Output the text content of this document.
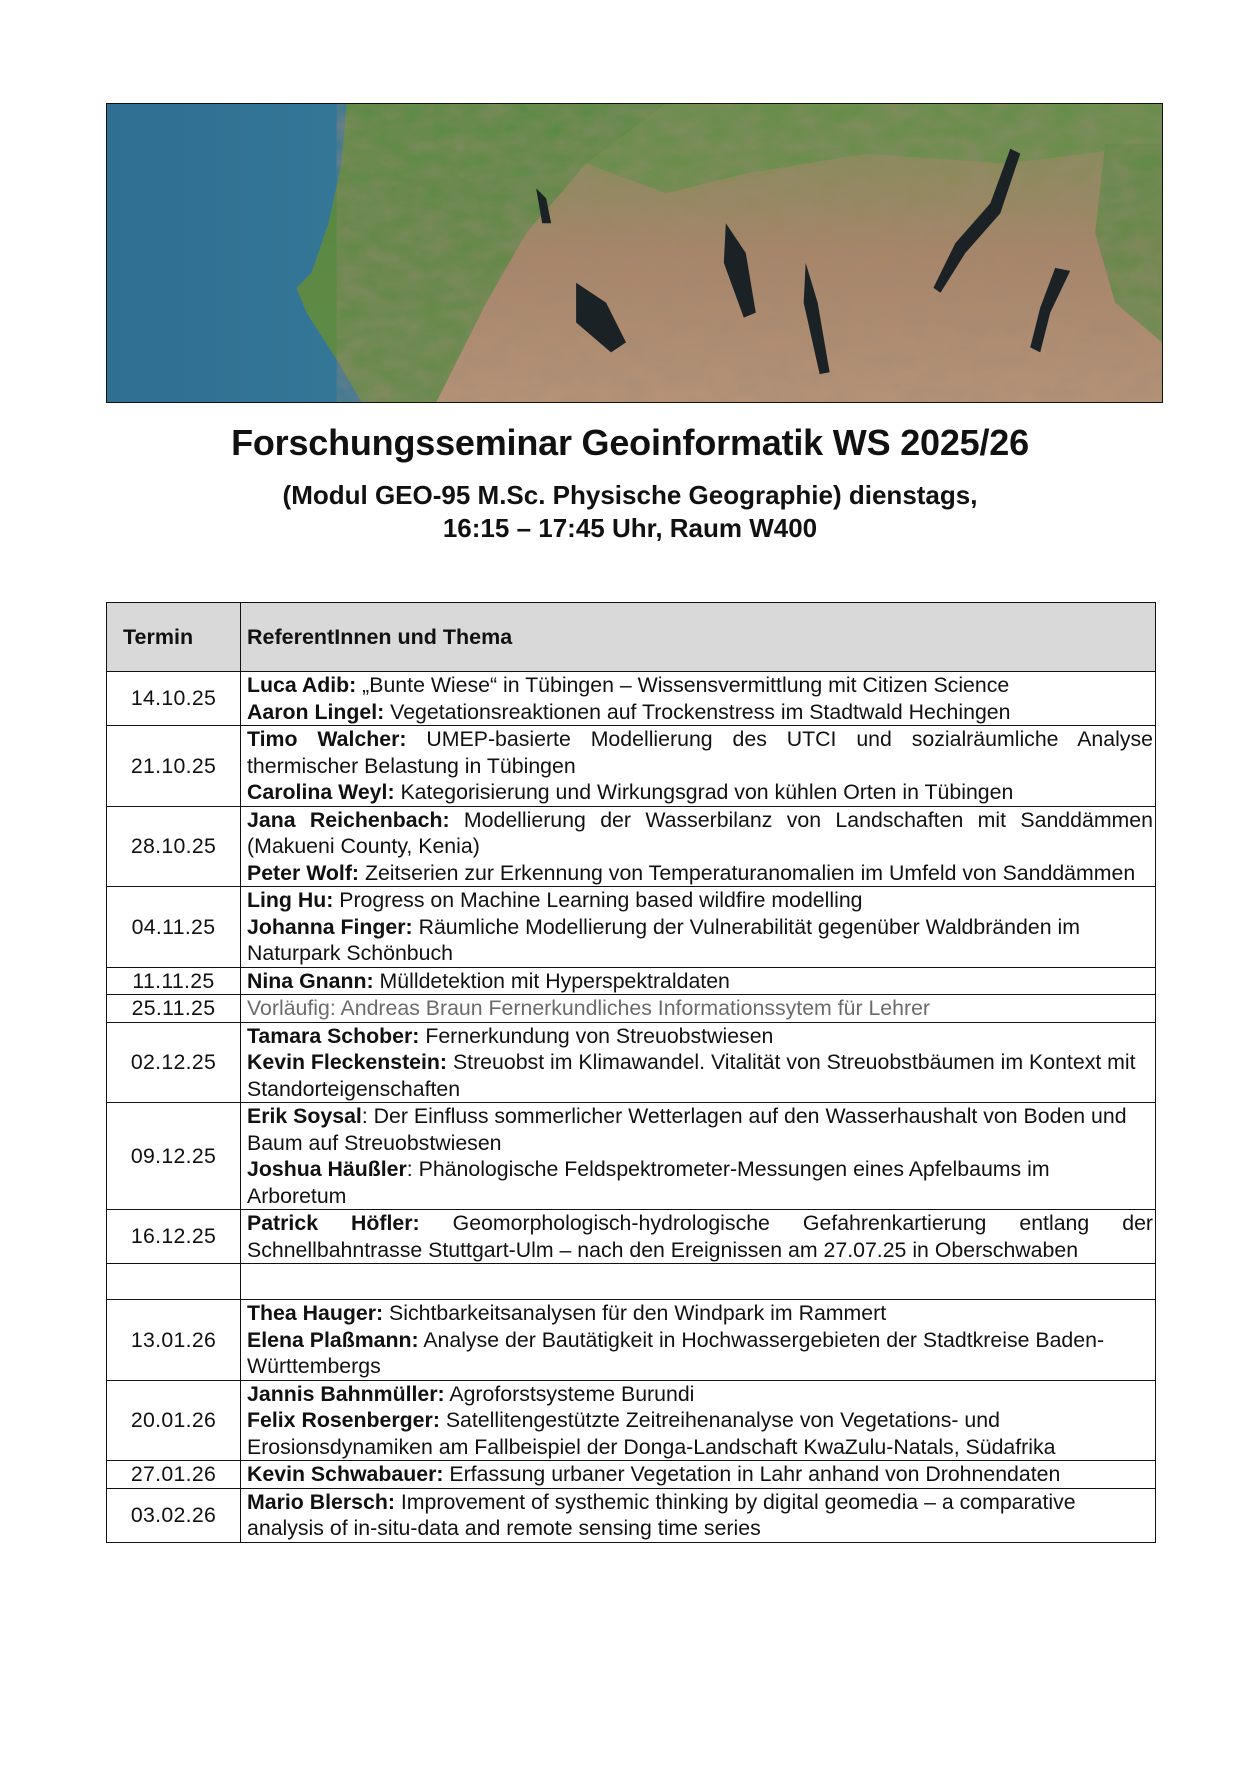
Forschungsseminar Geoinformatik WS 2025/26
(Modul GEO-95 M.Sc. Physische Geographie) dienstags,
16:15 – 17:45 Uhr, Raum W400
Termin	ReferentInnen und Thema
14.10.25	Luca Adib: „Bunte Wiese“ in Tübingen – Wissensvermittlung mit Citizen Science
Aaron Lingel: Vegetationsreaktionen auf Trockenstress im Stadtwald Hechingen

21.10.25	Timo Walcher: UMEP-basierte Modellierung des UTCI und sozialräumliche Analyse thermischer Belastung in Tübingen
Carolina Weyl: Kategorisierung und Wirkungsgrad von kühlen Orten in Tübingen

28.10.25	Jana Reichenbach: Modellierung der Wasserbilanz von Landschaften mit Sanddämmen (Makueni County, Kenia)
Peter Wolf: Zeitserien zur Erkennung von Temperaturanomalien im Umfeld von Sanddämmen

04.11.25	Ling Hu: Progress on Machine Learning based wildfire modelling
Johanna Finger: Räumliche Modellierung der Vulnerabilität gegenüber Waldbränden im Naturpark Schönbuch

11.11.25	Nina Gnann: Mülldetektion mit Hyperspektraldaten

25.11.25	Vorläufig: Andreas Braun Fernerkundliches Informationssytem für Lehrer

02.12.25	Tamara Schober: Fernerkundung von Streuobstwiesen
Kevin Fleckenstein: Streuobst im Klimawandel. Vitalität von Streuobstbäumen im Kontext mit Standorteigenschaften

09.12.25	Erik Soysal: Der Einfluss sommerlicher Wetterlagen auf den Wasserhaushalt von Boden und Baum auf Streuobstwiesen
Joshua Häußler: Phänologische Feldspektrometer-Messungen eines Apfelbaums im Arboretum

16.12.25	Patrick Höfler: Geomorphologisch-hydrologische Gefahrenkartierung entlang der Schnellbahntrasse Stuttgart-Ulm – nach den Ereignissen am 27.07.25 in Oberschwaben

13.01.26	Thea Hauger: Sichtbarkeitsanalysen für den Windpark im Rammert
Elena Plaßmann: Analyse der Bautätigkeit in Hochwassergebieten der Stadtkreise Baden-Württembergs

20.01.26	Jannis Bahnmüller: Agroforstsysteme Burundi
Felix Rosenberger: Satellitengestützte Zeitreihenanalyse von Vegetations- und Erosionsdynamiken am Fallbeispiel der Donga-Landschaft KwaZulu-Natals, Südafrika

27.01.26	Kevin Schwabauer: Erfassung urbaner Vegetation in Lahr anhand von Drohnendaten

03.02.26	Mario Blersch: Improvement of systhemic thinking by digital geomedia – a comparative analysis of in-situ-data and remote sensing time series
